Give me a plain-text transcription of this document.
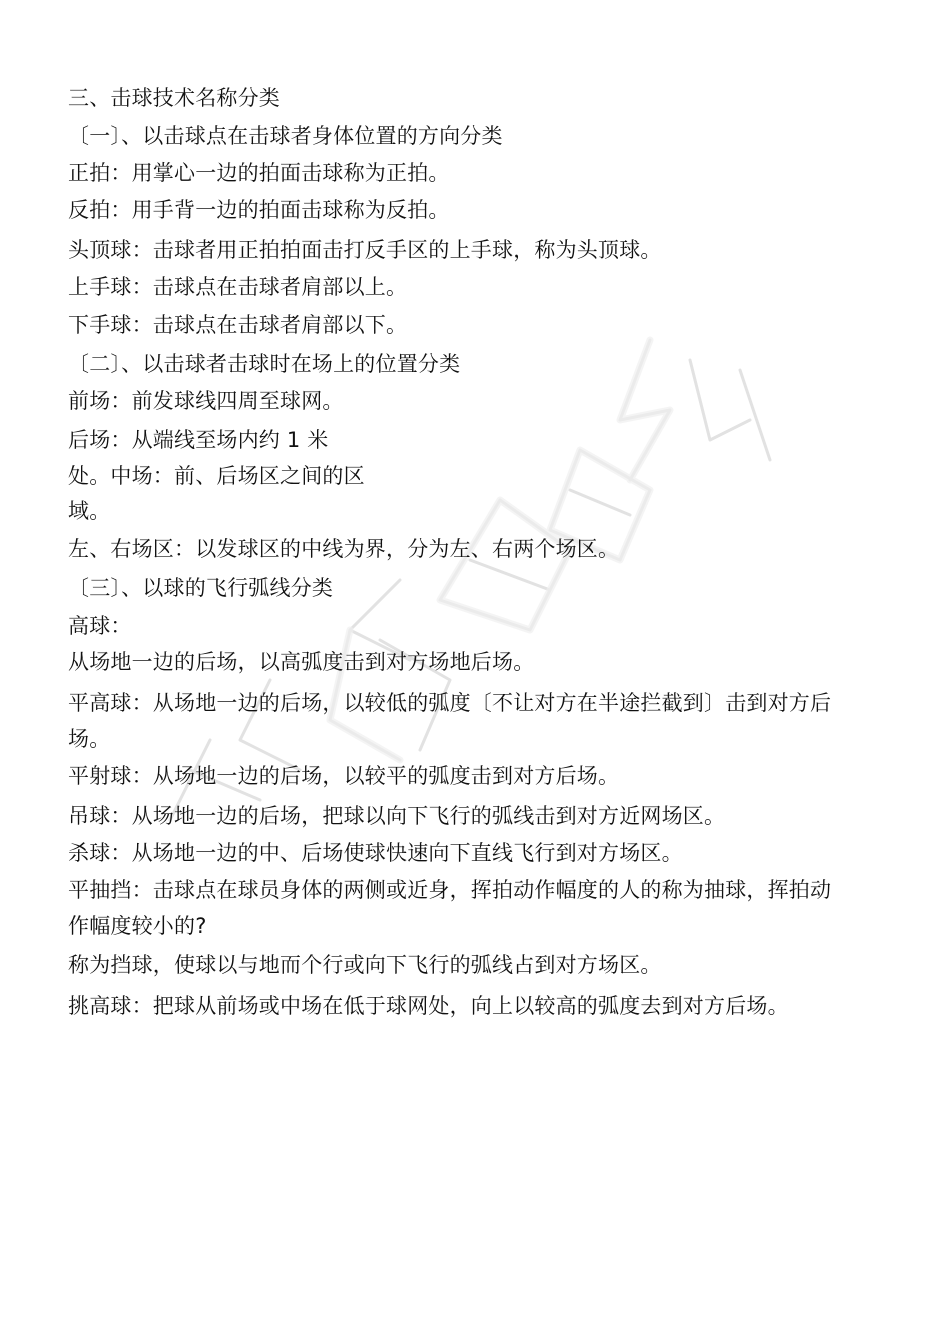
三、击球技术名称分类
〔一〕、以击球点在击球者身体位置的方向分类
正拍：用掌心一边的拍面击球称为正拍。
反拍：用手背一边的拍面击球称为反拍。
头顶球：击球者用正拍拍面击打反手区的上手球，称为头顶球。
上手球：击球点在击球者肩部以上。
下手球：击球点在击球者肩部以下。
〔二〕、以击球者击球时在场上的位置分类
前场：前发球线四周至球网。
后场：从端线至场内约 1 米
处。中场：前、后场区之间的区
域。
左、右场区：以发球区的中线为界，分为左、右两个场区。
〔三〕、以球的飞行弧线分类
高球：
从场地一边的后场，以高弧度击到对方场地后场。
平高球：从场地一边的后场，以较低的弧度〔不让对方在半途拦截到〕击到对方后
场。
平射球：从场地一边的后场，以较平的弧度击到对方后场。
吊球：从场地一边的后场，把球以向下飞行的弧线击到对方近网场区。
杀球：从场地一边的中、后场使球快速向下直线飞行到对方场区。
平抽挡：击球点在球员身体的两侧或近身，挥拍动作幅度的人的称为抽球，挥拍动
作幅度较小的?
称为挡球，使球以与地而个行或向下飞行的弧线占到对方场区。
挑高球：把球从前场或中场在低于球网处，向上以较高的弧度去到对方后场。
